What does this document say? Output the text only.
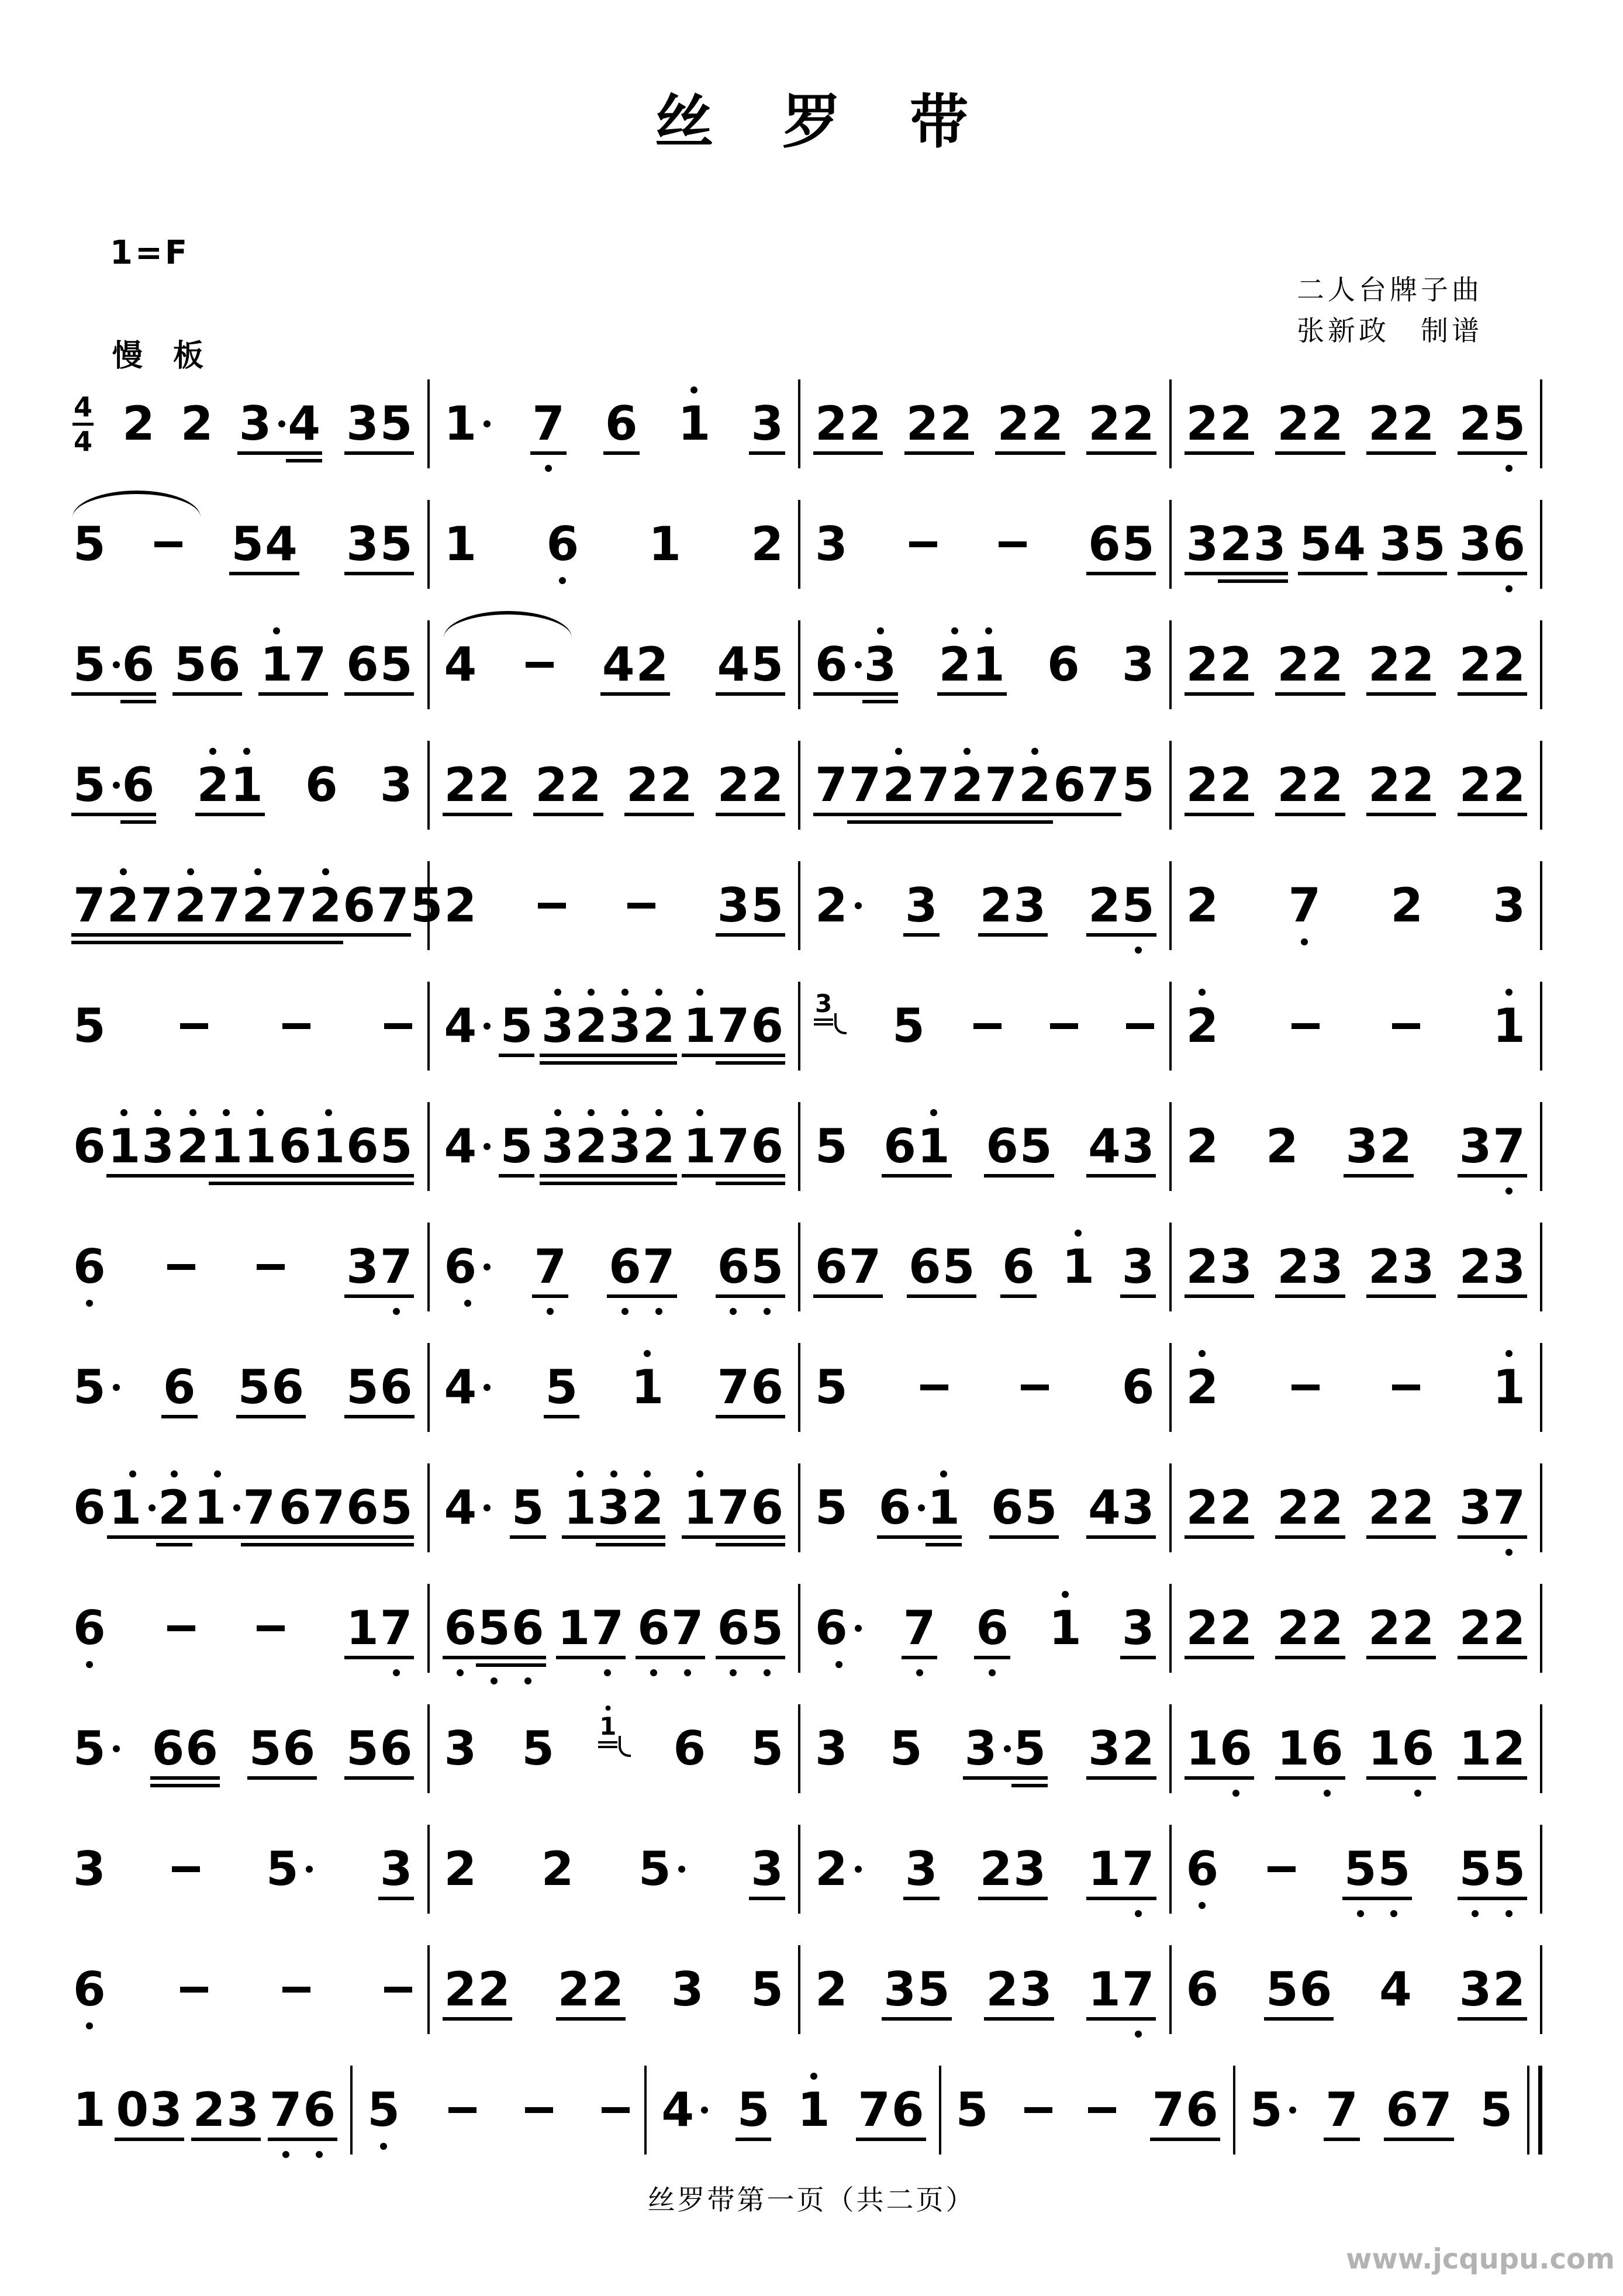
丝罗带
1=F
二人台牌子曲
张新政　制谱
慢板
4
4 2 2 3 4 3 5 1 7 6 1 3 2 2 2 2 2 2 2 2 2 2 2 2 2 2 2 5
5	5 4 3 5 1 6 1 2 3	6 5 3 2 3 5 4 3 5 3 6
5 6 5 6 1 7 6 5 4	4 2 4 5 6 3 2 1 6 3 2 2 2 2 2 2 2 2
5 6 2 1 6 3 2 2 2 2 2 2 2 2 7 7 2 7 2 7 2 6 7 5 2 2 2 2 2 2 2 2
7 2 7 2 7 2 7 2 6 7 5 2	3 5 2 3 2 3 2 5 2 7 2 3
5	4 5 3 2 3 2 1 7 6 3 5	2	1
6 1 3 2 1 1 6 1 6 5 4 5 3 2 3 2 1 7 6 5 6 1 6 5 4 3 2 2 3 2 3 7
6	3 7 6 7 6 7 6 5 6 7 6 5 6 1 3 2 3 2 3 2 3 2 3
5 6 5 6 5 6 4 5 1 7 6 5	6 2	1
6 1 2 1 7 6 7 6 5 4 5 1 3 2 1 7 6 5 6 1 6 5 4 3 2 2 2 2 2 2 3 7
6	1 7 6 5 6 1 7 6 7 6 5 6 7 6 1 3 2 2 2 2 2 2 2 2
5 6 6 5 6 5 6 3 5 1 6 5 3 5 3 5 3 2 1 6 1 6 1 6 1 2
3	5 3 2 2 5 3 2 3 2 3 1 7 6	5 5 5 5
6	2 2 2 2 3 5 2 3 5 2 3 1 7 6 5 6 4 3 2
1 0 3 2 3 7 6 5	4 5 1 7 6 5	7 6 5 7 6 7 5
丝罗带第一页（共二页）
www.jcqupu.com
